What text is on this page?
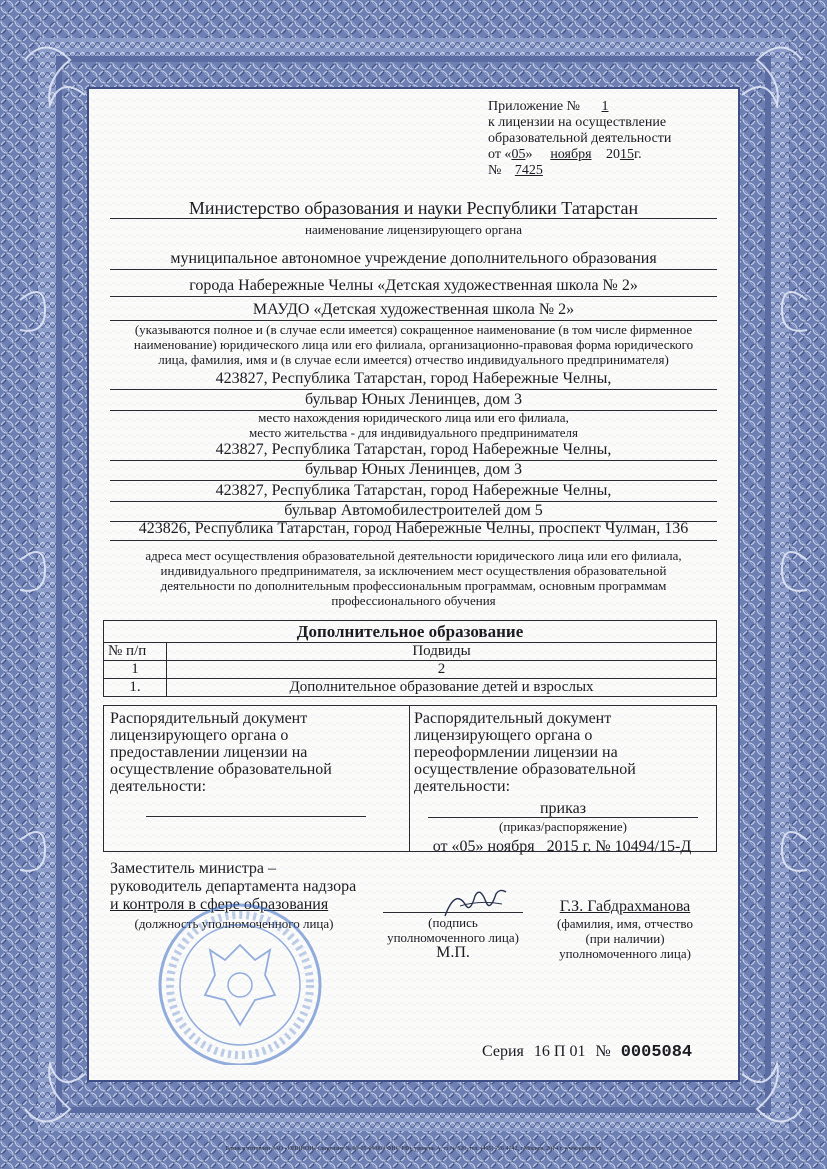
Приложение № 1
к лицензии на осуществление
образовательной деятельности
от «05» ноября 2015г.
№ 7425
Министерство образования и науки Республики Татарстан
наименование лицензирующего органа
муниципальное автономное учреждение дополнительного образования
города Набережные Челны «Детская художественная школа № 2»
МАУДО «Детская художественная школа № 2»
(указываются полное и (в случае если имеется) сокращенное наименование (в том числе фирменное
наименование) юридического лица или его филиала, организационно-правовая форма юридического
лица, фамилия, имя и (в случае если имеется) отчество индивидуального предпринимателя)
423827, Республика Татарстан, город Набережные Челны,
бульвар Юных Ленинцев, дом 3
место нахождения юридического лица или его филиала,
место жительства - для индивидуального предпринимателя
423827, Республика Татарстан, город Набережные Челны,
бульвар Юных Ленинцев, дом 3
423827, Республика Татарстан, город Набережные Челны,
бульвар Автомобилестроителей дом 5
423826, Республика Татарстан, город Набережные Челны, проспект Чулман, 136
адреса мест осуществления образовательной деятельности юридического лица или его филиала,
индивидуального предпринимателя, за исключением мест осуществления образовательной
деятельности по дополнительным профессиональным программам, основным программам
профессионального обучения
Дополнительное образование	
№ п/п	Подвиды
1	2
1.	Дополнительное образование детей и взрослых
Распорядительный документ
лицензирующего органа о
предоставлении лицензии на
осуществление образовательной
деятельности:
Распорядительный документ
лицензирующего органа о
переоформлении лицензии на
осуществление образовательной
деятельности:
приказ
(приказ/распоряжение)
от «05» ноября   2015 г. № 10494/15-Д
Заместитель министра –
руководитель департамента надзора
и контроля в сфере образования
(должность уполномоченного лица)	(подпись
уполномоченного лица)
М.П.
Г.З. Габдрахманова
(фамилия, имя, отчество
(при наличии)
уполномоченного лица)
Серия 16 П 01 № 0005084
Бланк изготовлен ЗАО «ОПЦИОН» (лицензия № 05-05-09/003 ФНС РФ), уровень А, тз № 520, тел. (495) 726 4742, г.Москва, 2014 г. www.opcion.ru
